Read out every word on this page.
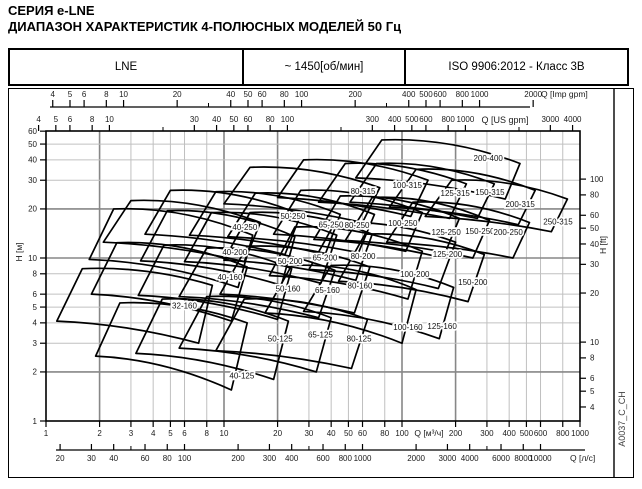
СЕРИЯ e-LNE
ДИАПАЗОН ХАРАКТЕРИСТИК 4-ПОЛЮСНЫХ МОДЕЛЕЙ 50 Гц
LNE	~ 1450[об/мин]	ISO 9906:2012 - Класс 3B
1
2
3
4
5
6
8
10
20
30
40
50
60
H [м]
4
5
6
8
10
20
30
40
50
60
80
100
H [ft]
1	2	3 4 5 6 8 10	20	30 40 50 60 80 100	200 300 400 500 600 800 1000
Q [м³/ч]
20	30 40	60 80 100	200 300 400 600 800 1000	2000 3000 4000 6000 8000
10000 Q [л/с]
4 5 6 8 10	20	40 50 60 80 100	200	400 500 600 800 1000	2000
Q [Imp gpm]
4 5 6 8 10	30 40 50 60 80 100	300 400 500 600 800 1000	3000 4000
Q [US gpm]
32-160
40-125
50-125 65-125 80-125
40-160
50-160 65-160
80-160
100-160 125-160
40-200
50-200 65-200 80-200
100-200
125-200
150-200
40-250
50-250
65-250 80-250 100-250
125-250 150-250
200-250
80-315
100-315
125-315 150-315
200-315
250-315
200-400
A0037_C_CH
